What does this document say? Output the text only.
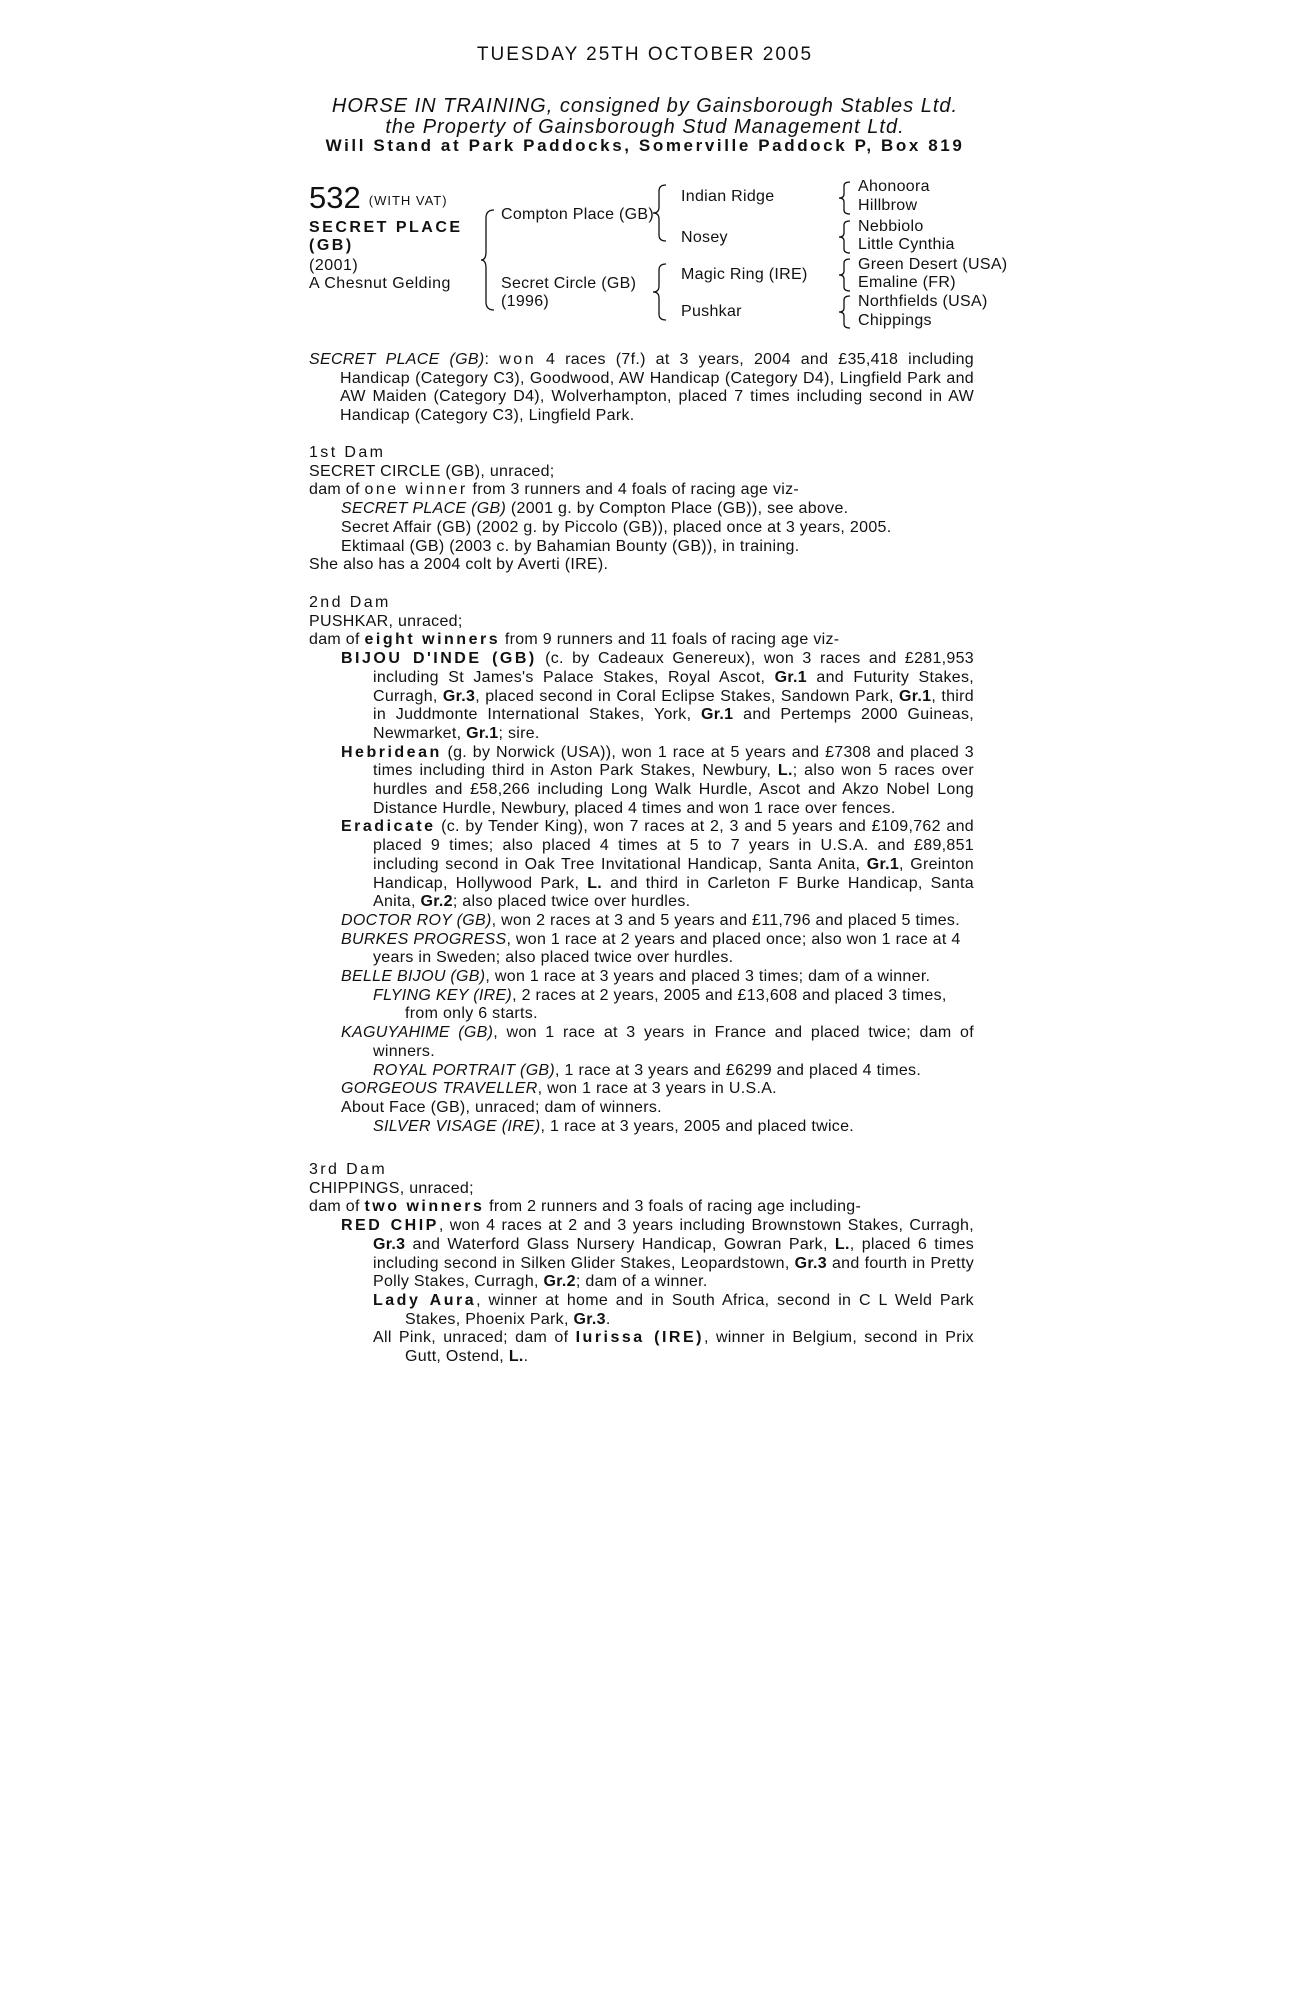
TUESDAY 25TH OCTOBER 2005
HORSE IN TRAINING, consigned by Gainsborough Stables Ltd.
the Property of Gainsborough Stud Management Ltd.
Will Stand at Park Paddocks, Somerville Paddock P, Box 819
532 (WITH VAT)
SECRET PLACE
(GB)
(2001)
A Chesnut Gelding
Compton Place (GB)
Secret Circle (GB)
(1996)
Indian Ridge
Nosey
Magic Ring (IRE)
Pushkar
Ahonoora
Hillbrow
Nebbiolo
Little Cynthia
Green Desert (USA)
Emaline (FR)
Northfields (USA)
Chippings

SECRET PLACE (GB): won 4 races (7f.) at 3 years, 2004 and £35,418 including Handicap (Category C3), Goodwood, AW Handicap (Category D4), Lingfield Park and AW Maiden (Category D4), Wolverhampton, placed 7 times including second in AW Handicap (Category C3), Lingfield Park.

1st Dam

SECRET CIRCLE (GB), unraced;

dam of one winner from 3 runners and 4 foals of racing age viz-

SECRET PLACE (GB) (2001 g. by Compton Place (GB)), see above.

Secret Affair (GB) (2002 g. by Piccolo (GB)), placed once at 3 years, 2005.

Ektimaal (GB) (2003 c. by Bahamian Bounty (GB)), in training.

She also has a 2004 colt by Averti (IRE).

2nd Dam

PUSHKAR, unraced;

dam of eight winners from 9 runners and 11 foals of racing age viz-

BIJOU D'INDE (GB) (c. by Cadeaux Genereux), won 3 races and £281,953 including St James's Palace Stakes, Royal Ascot, Gr.1 and Futurity Stakes, Curragh, Gr.3, placed second in Coral Eclipse Stakes, Sandown Park, Gr.1, third in Juddmonte International Stakes, York, Gr.1 and Pertemps 2000 Guineas, Newmarket, Gr.1; sire.

Hebridean (g. by Norwick (USA)), won 1 race at 5 years and £7308 and placed 3 times including third in Aston Park Stakes, Newbury, L.; also won 5 races over hurdles and £58,266 including Long Walk Hurdle, Ascot and Akzo Nobel Long Distance Hurdle, Newbury, placed 4 times and won 1 race over fences.

Eradicate (c. by Tender King), won 7 races at 2, 3 and 5 years and £109,762 and placed 9 times; also placed 4 times at 5 to 7 years in U.S.A. and £89,851 including second in Oak Tree Invitational Handicap, Santa Anita, Gr.1, Greinton Handicap, Hollywood Park, L. and third in Carleton F Burke Handicap, Santa Anita, Gr.2; also placed twice over hurdles.

DOCTOR ROY (GB), won 2 races at 3 and 5 years and £11,796 and placed 5 times.

BURKES PROGRESS, won 1 race at 2 years and placed once; also won 1 race at 4 years in Sweden; also placed twice over hurdles.

BELLE BIJOU (GB), won 1 race at 3 years and placed 3 times; dam of a winner.

FLYING KEY (IRE), 2 races at 2 years, 2005 and £13,608 and placed 3 times, from only 6 starts.

KAGUYAHIME (GB), won 1 race at 3 years in France and placed twice; dam of winners.

ROYAL PORTRAIT (GB), 1 race at 3 years and £6299 and placed 4 times.

GORGEOUS TRAVELLER, won 1 race at 3 years in U.S.A.

About Face (GB), unraced; dam of winners.

SILVER VISAGE (IRE), 1 race at 3 years, 2005 and placed twice.

3rd Dam

CHIPPINGS, unraced;

dam of two winners from 2 runners and 3 foals of racing age including-

RED CHIP, won 4 races at 2 and 3 years including Brownstown Stakes, Curragh, Gr.3 and Waterford Glass Nursery Handicap, Gowran Park, L., placed 6 times including second in Silken Glider Stakes, Leopardstown, Gr.3 and fourth in Pretty Polly Stakes, Curragh, Gr.2; dam of a winner.

Lady Aura, winner at home and in South Africa, second in C L Weld Park Stakes, Phoenix Park, Gr.3.

All Pink, unraced; dam of Iurissa (IRE), winner in Belgium, second in Prix Gutt, Ostend, L..
